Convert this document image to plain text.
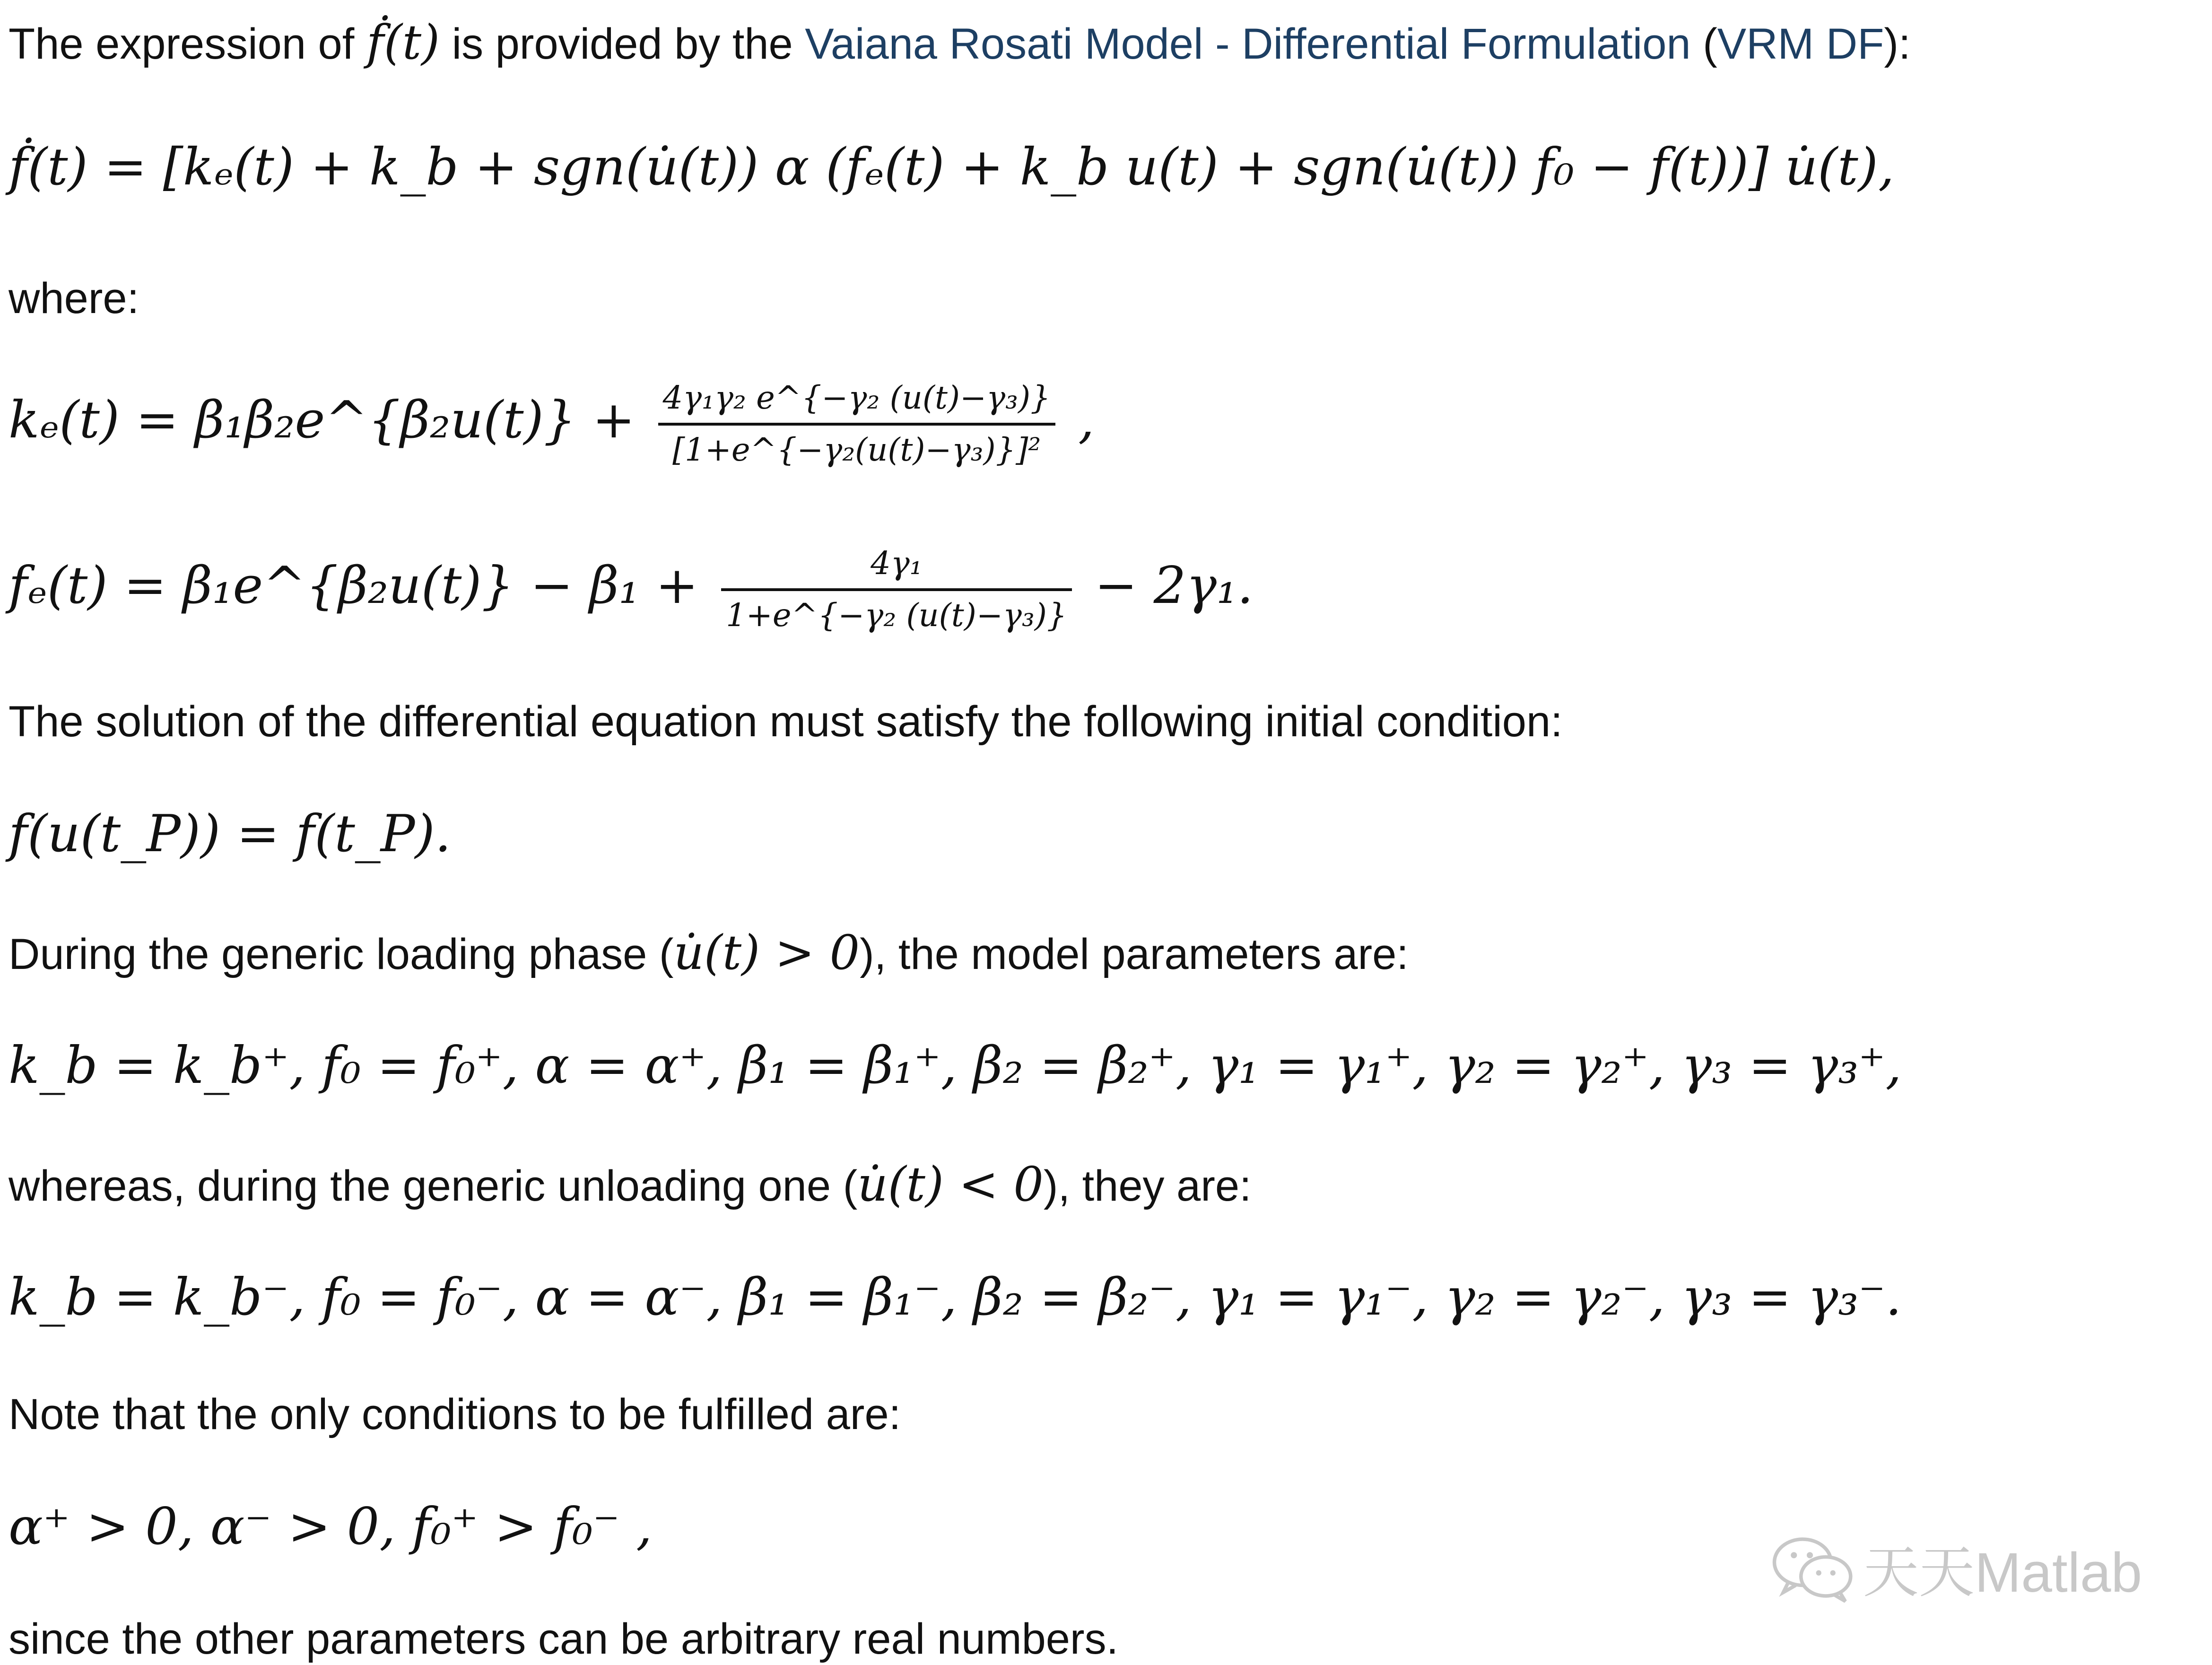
The expression of ḟ(t) is provided by the Vaiana Rosati Model - Differential Formulation (VRM DF):
ḟ(t) = [kₑ(t) + k_b + sgn(u̇(t)) α (fₑ(t) + k_b u(t) + sgn(u̇(t)) f₀ − f(t))] u̇(t),
where:
kₑ(t) = β₁β₂e^{β₂u(t)} + $\frac{\text{4γ₁γ₂ e\textasciicircum{}\{−γ₂ (u(t)−γ₃)\}}}{\text{[1+e\textasciicircum{}\{−γ₂(u(t)−γ₃)\}]²}}$ ,
fₑ(t) = β₁e^{β₂u(t)} − $\beta_1 + \frac{\text{4γ₁}}{\text{1+e\textasciicircum{}\{−γ₂ (u(t)−γ₃)\}}} - 2\gamma_1$.
The solution of the differential equation must satisfy the following initial condition:
f(u(t_P)) = f(t_P).
During the generic loading phase (u̇(t) > 0), the model parameters are:
k_b = k_b⁺, f₀ = f₀⁺, α = α⁺, β₁ = β₁⁺, β₂ = β₂⁺, γ₁ = γ₁⁺, γ₂ = γ₂⁺, γ₃ = γ₃⁺,
whereas, during the generic unloading one (u̇(t) < 0), they are:
k_b = k_b⁻, f₀ = f₀⁻, α = α⁻, β₁ = β₁⁻, β₂ = β₂⁻, γ₁ = γ₁⁻, γ₂ = γ₂⁻, γ₃ = γ₃⁻.
Note that the only conditions to be fulfilled are:
α⁺ > 0, α⁻ > 0, f₀⁺ > f₀⁻ ,
since the other parameters can be arbitrary real numbers.
天天Matlab
